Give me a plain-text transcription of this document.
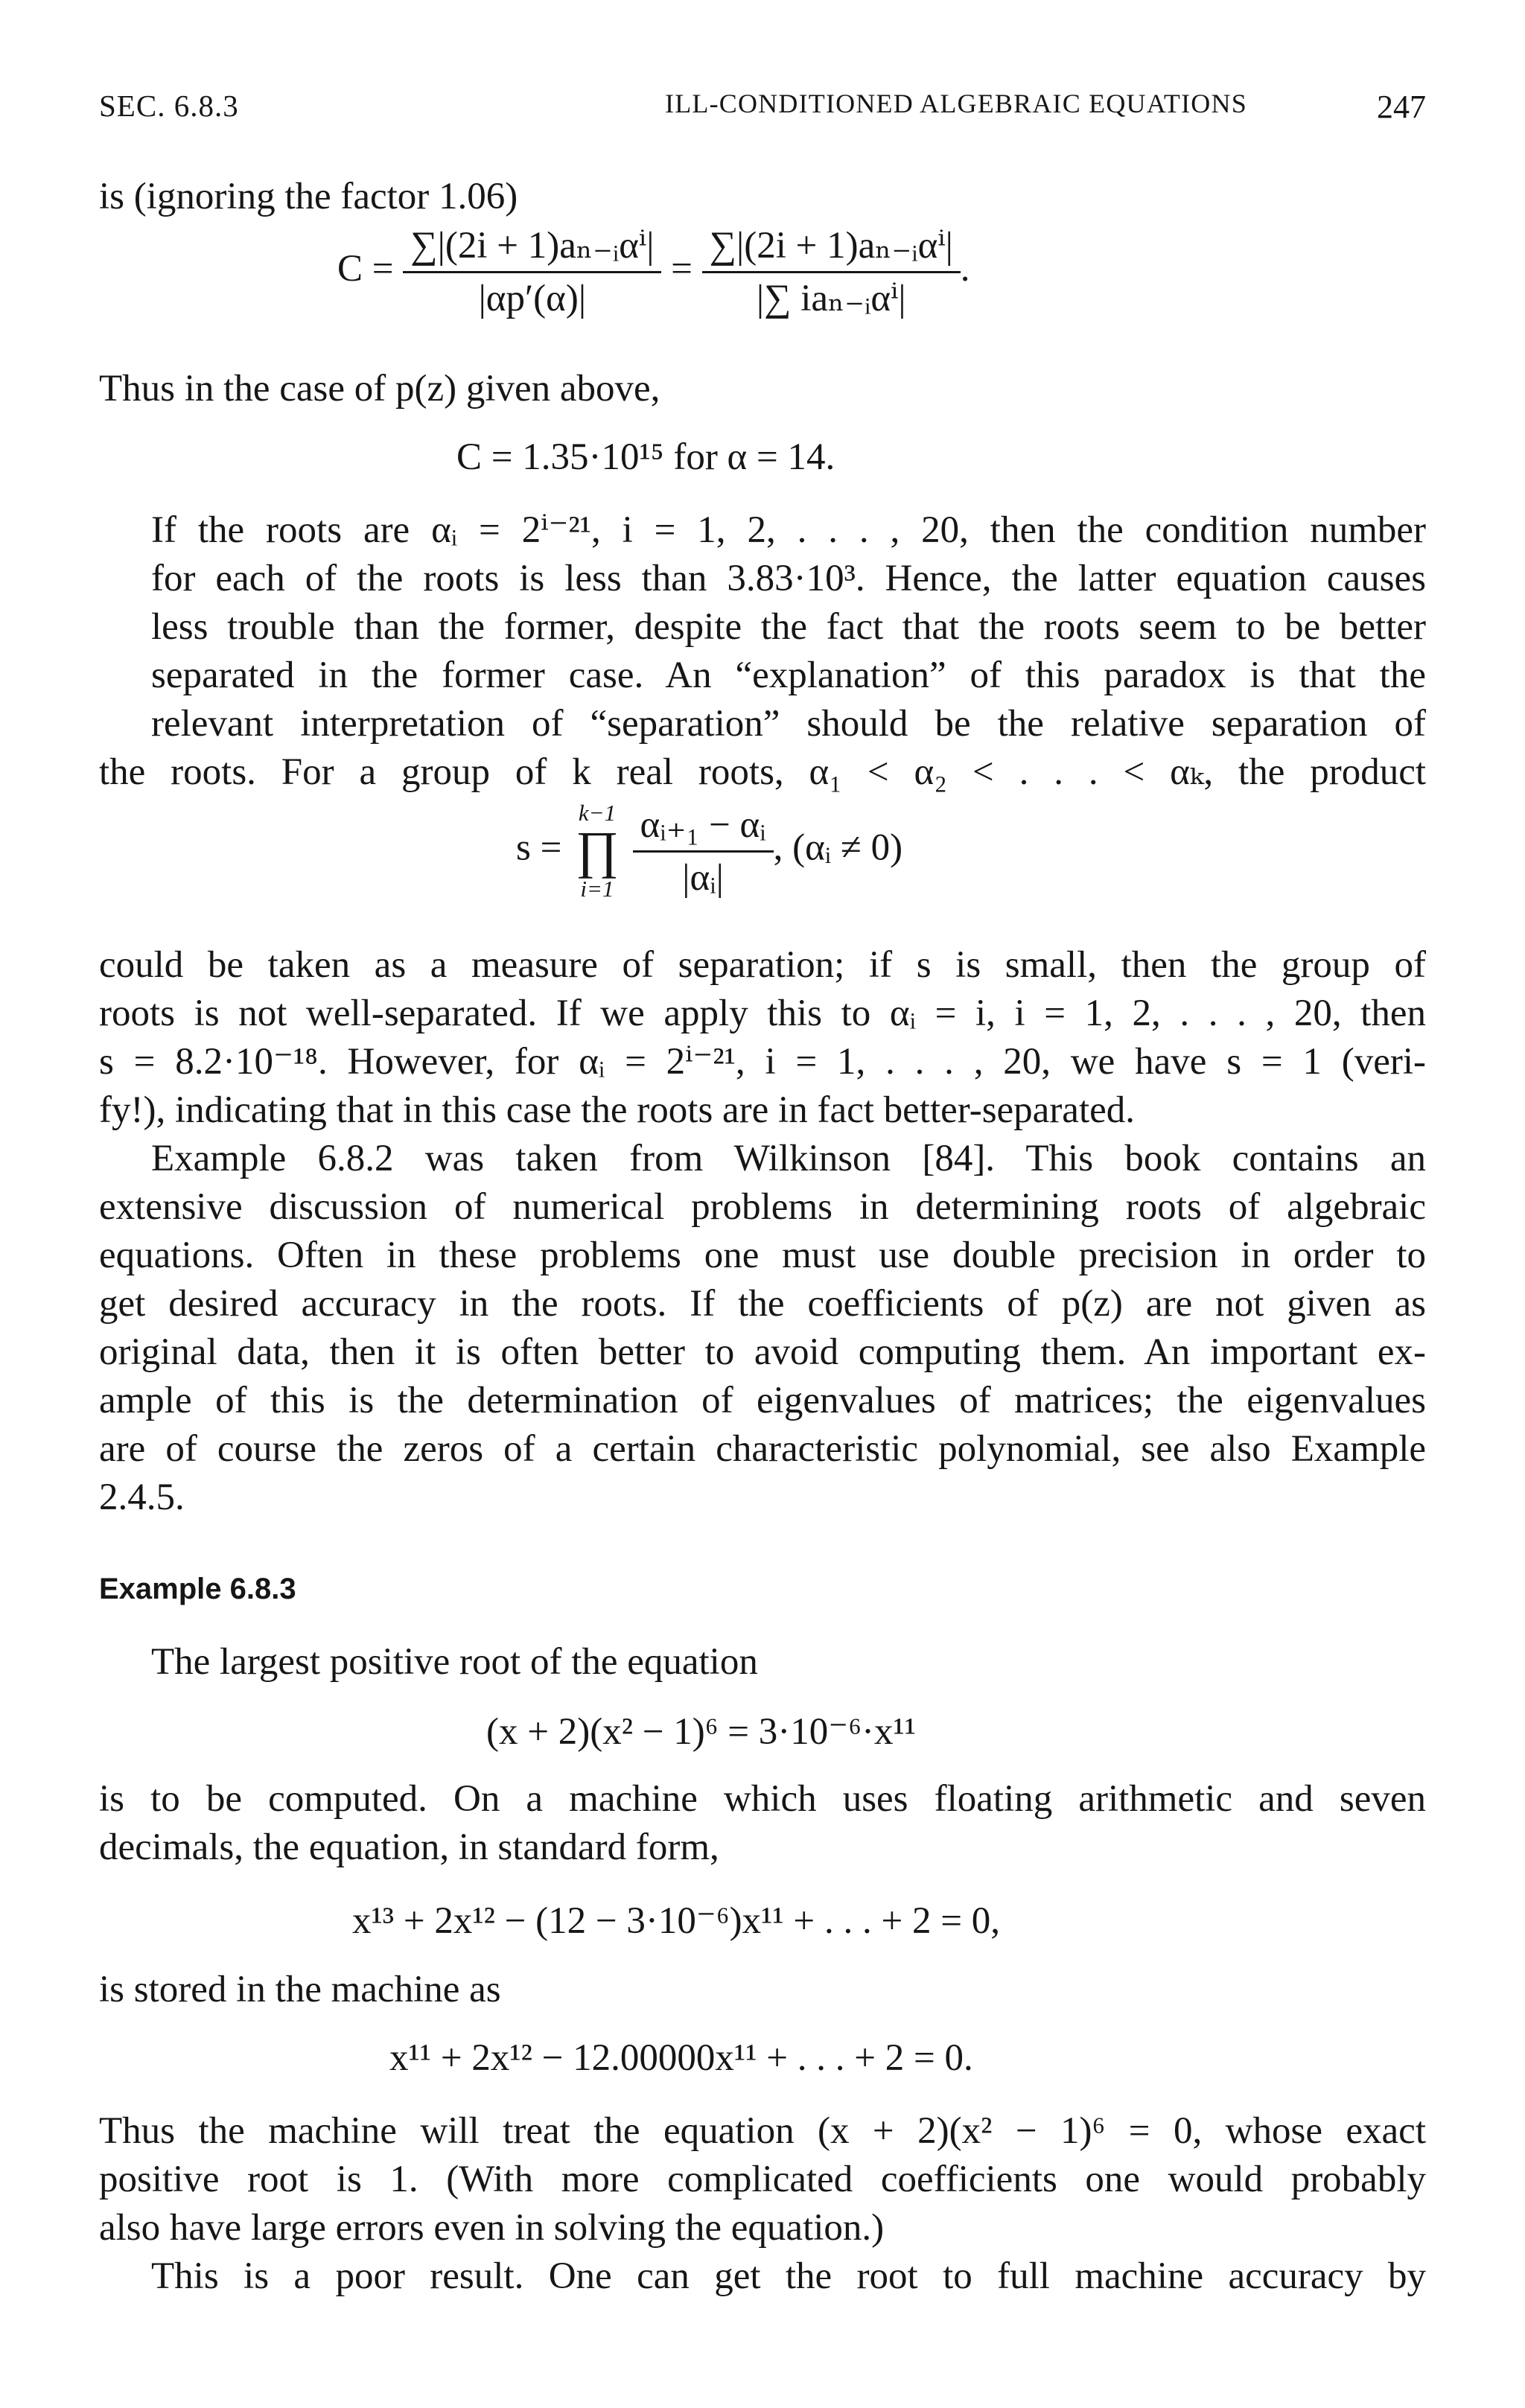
SEC. 6.8.3	ILL-CONDITIONED ALGEBRAIC EQUATIONS	247

is (ignoring the factor 1.06)

$C = \frac{\text{∑|(2i + 1)aₙ₋ᵢαⁱ|}}{|\alpha p'(\alpha)|} = \frac{\text{∑|(2i + 1)aₙ₋ᵢαⁱ|}}{\text{|∑ iaₙ₋ᵢαⁱ|}}$ .

Thus in the case of p(z) given above,

C = 1.35·10¹⁵ for α = 14.
If the roots are αᵢ = 2ⁱ⁻²¹, i = 1, 2, . . . , 20, then the condition number
for each of the roots is less than 3.83·10³. Hence, the latter equation causes
less trouble than the former, despite the fact that the roots seem to be better
separated in the former case. An “explanation” of this paradox is that the
relevant interpretation of “separation” should be the relative separation of
the roots. For a group of k real roots, α₁ < α₂ < . . . < αₖ, the product
s =
k−1
∏
i=1
$\frac{\text{αᵢ₊₁ − αᵢ}}{\text{|αᵢ|}}$ , (αᵢ ≠ 0)
could be taken as a measure of separation; if s is small, then the group of
roots is not well-separated. If we apply this to αᵢ = i, i = 1, 2, . . . , 20, then
s = 8.2·10⁻¹⁸. However, for αᵢ = 2ⁱ⁻²¹, i = 1, . . . , 20, we have s = 1 (veri-
fy!), indicating that in this case the roots are in fact better-separated.
Example 6.8.2 was taken from Wilkinson [84]. This book contains an
extensive discussion of numerical problems in determining roots of algebraic
equations. Often in these problems one must use double precision in order to
get desired accuracy in the roots. If the coefficients of p(z) are not given as
original data, then it is often better to avoid computing them. An important ex-
ample of this is the determination of eigenvalues of matrices; the eigenvalues
are of course the zeros of a certain characteristic polynomial, see also Example
2.4.5.
Example 6.8.3

The largest positive root of the equation

(x + 2)(x² − 1)⁶ = 3·10⁻⁶·x¹¹
is to be computed. On a machine which uses floating arithmetic and seven
decimals, the equation, in standard form,
x¹³ + 2x¹² − (12 − 3·10⁻⁶)x¹¹ + . . . + 2 = 0,

is stored in the machine as

x¹¹ + 2x¹² − 12.00000x¹¹ + . . . + 2 = 0.
Thus the machine will treat the equation (x + 2)(x² − 1)⁶ = 0, whose exact
positive root is 1. (With more complicated coefficients one would probably
also have large errors even in solving the equation.)
This is a poor result. One can get the root to full machine accuracy by
